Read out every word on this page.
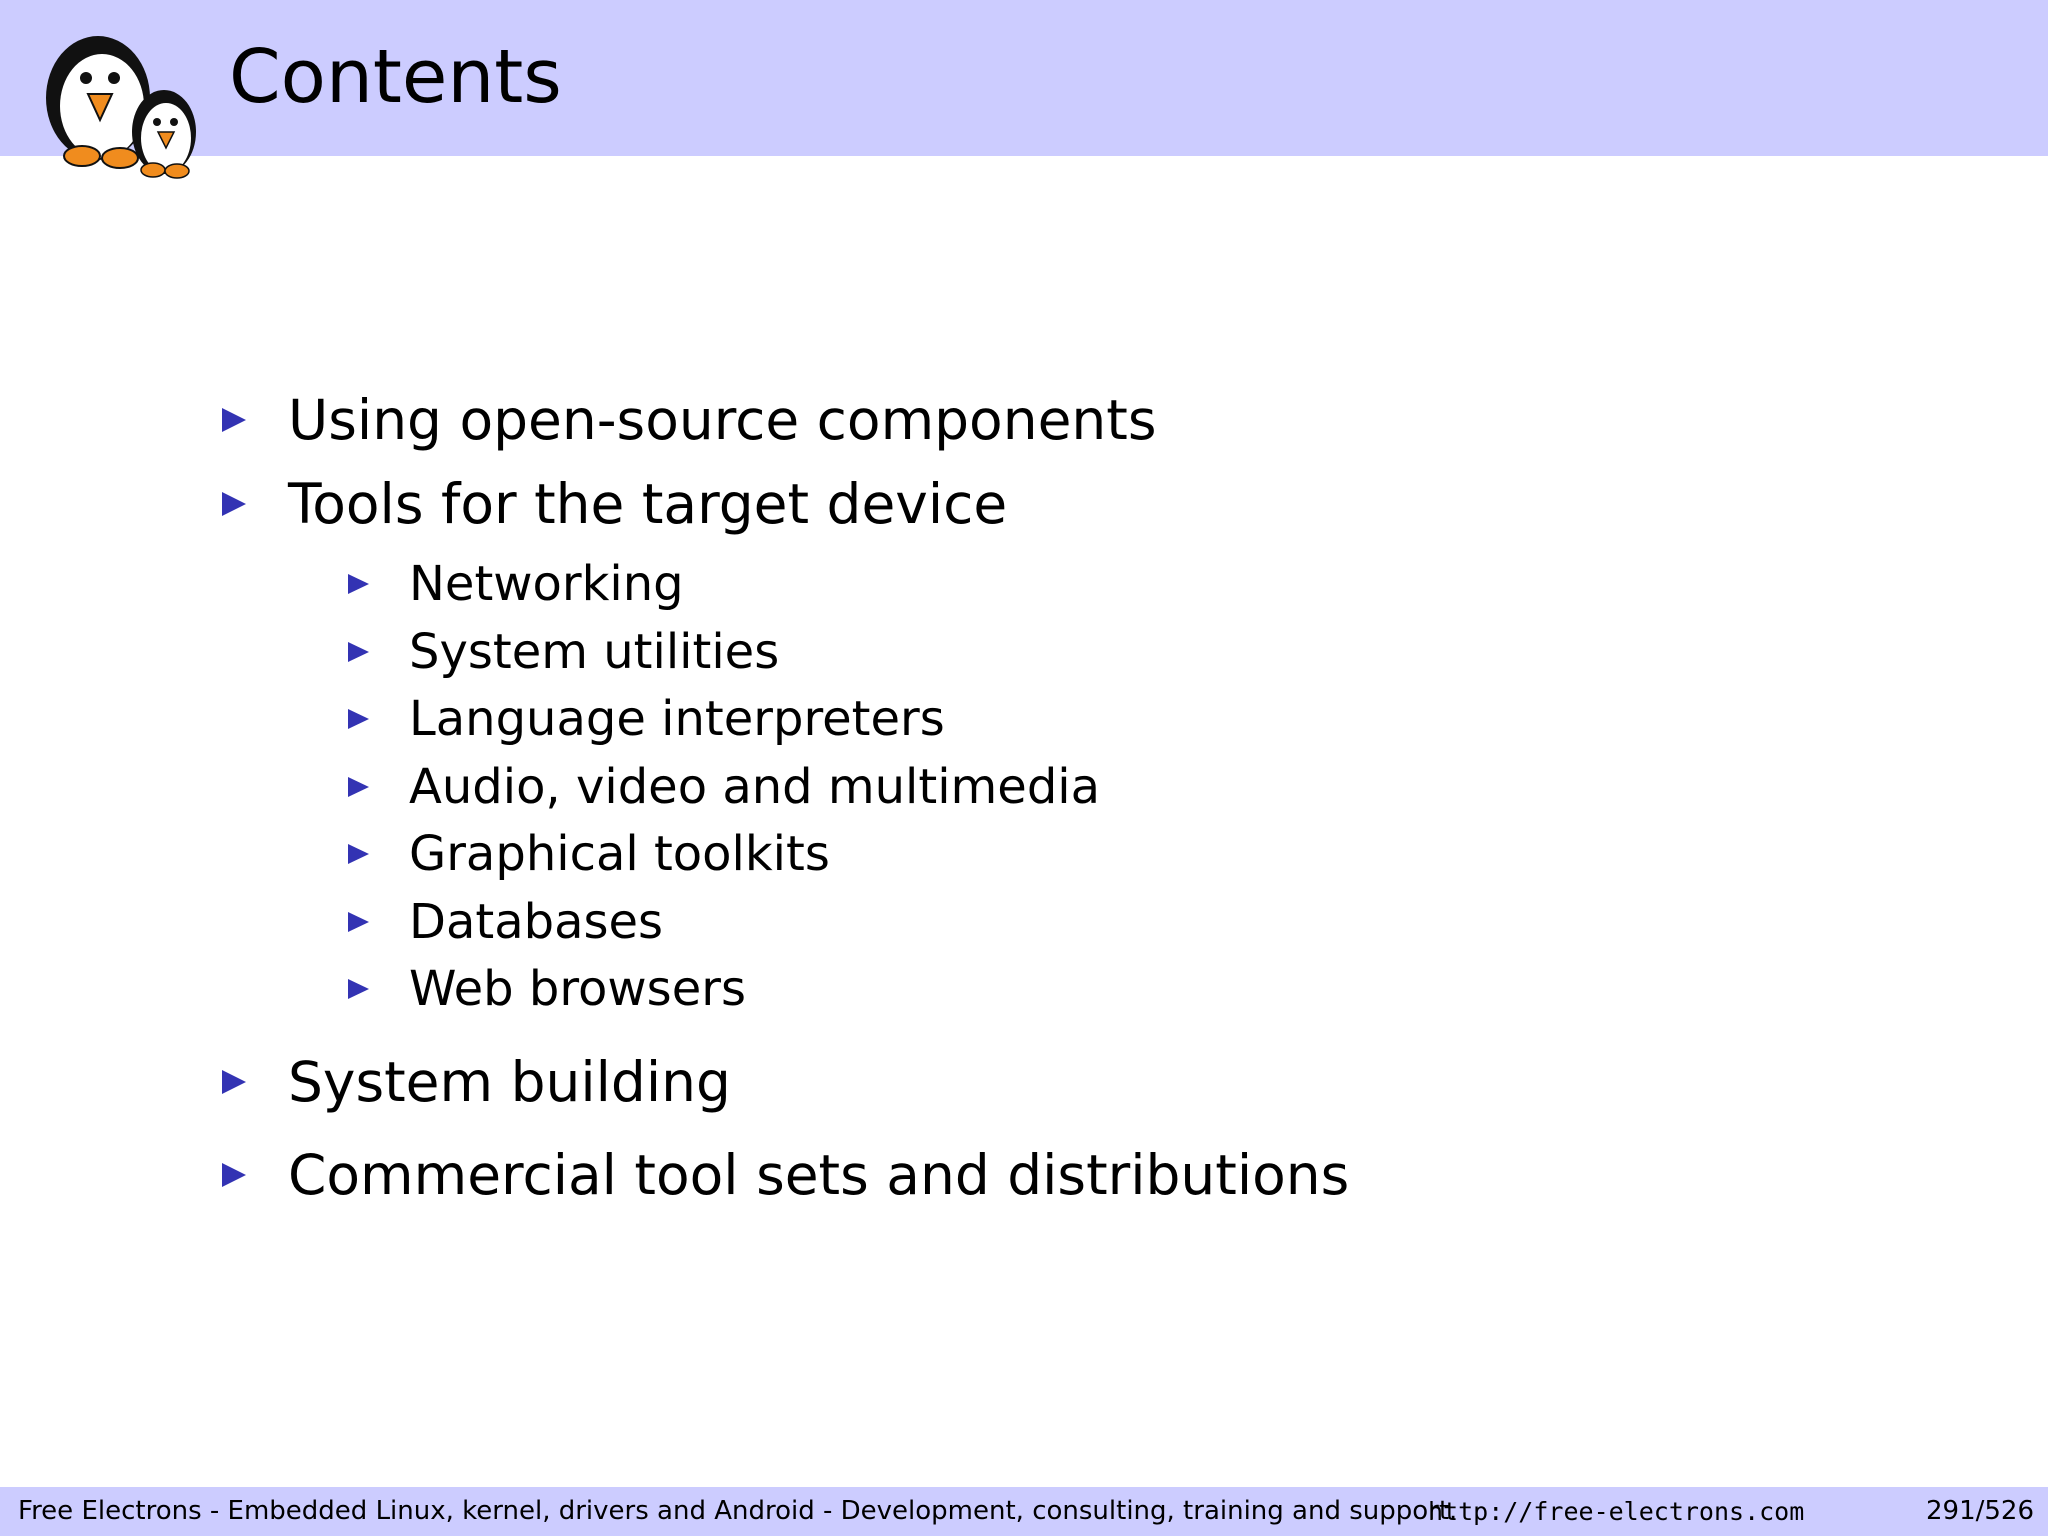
Contents
Using open-source components
Tools for the target device
Networking
System utilities
Language interpreters
Audio, video and multimedia
Graphical toolkits
Databases
Web browsers
System building
Commercial tool sets and distributions
Free Electrons - Embedded Linux, kernel, drivers and Android - Development, consulting, training and support.
http://free-electrons.com	291/526
